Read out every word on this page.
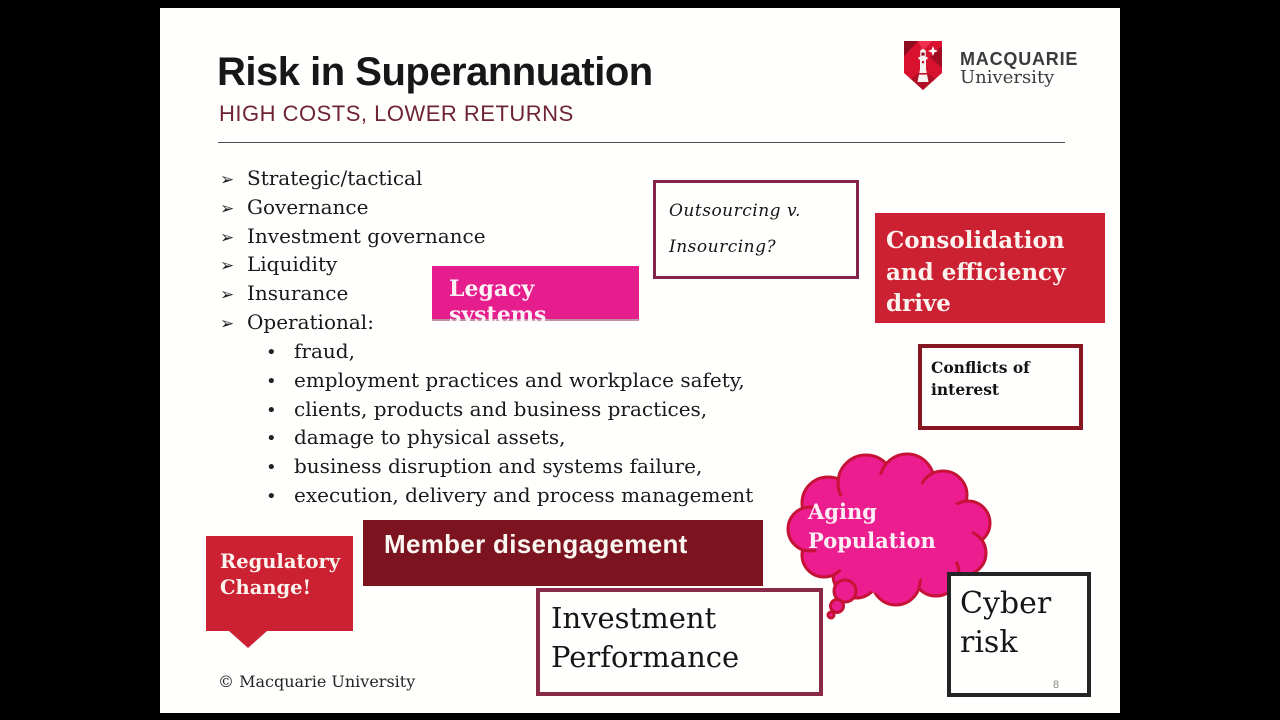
Risk in Superannuation
HIGH COSTS, LOWER RETURNS
MACQUARIE
University
➢ Strategic/tactical
➢ Governance
➢ Investment governance
➢ Liquidity
➢ Insurance
➢ Operational:
• fraud,
• employment practices and workplace safety,
• clients, products and business practices,
• damage to physical assets,
• business disruption and systems failure,
• execution, delivery and process management
Outsourcing v.
Insourcing?
Legacy systems
Consolidation and efficiency drive
Conflicts of
interest
Aging
Population
Regulatory
Change!
Member disengagement
Investment
Performance
Cyber
risk
© Macquarie University	8
